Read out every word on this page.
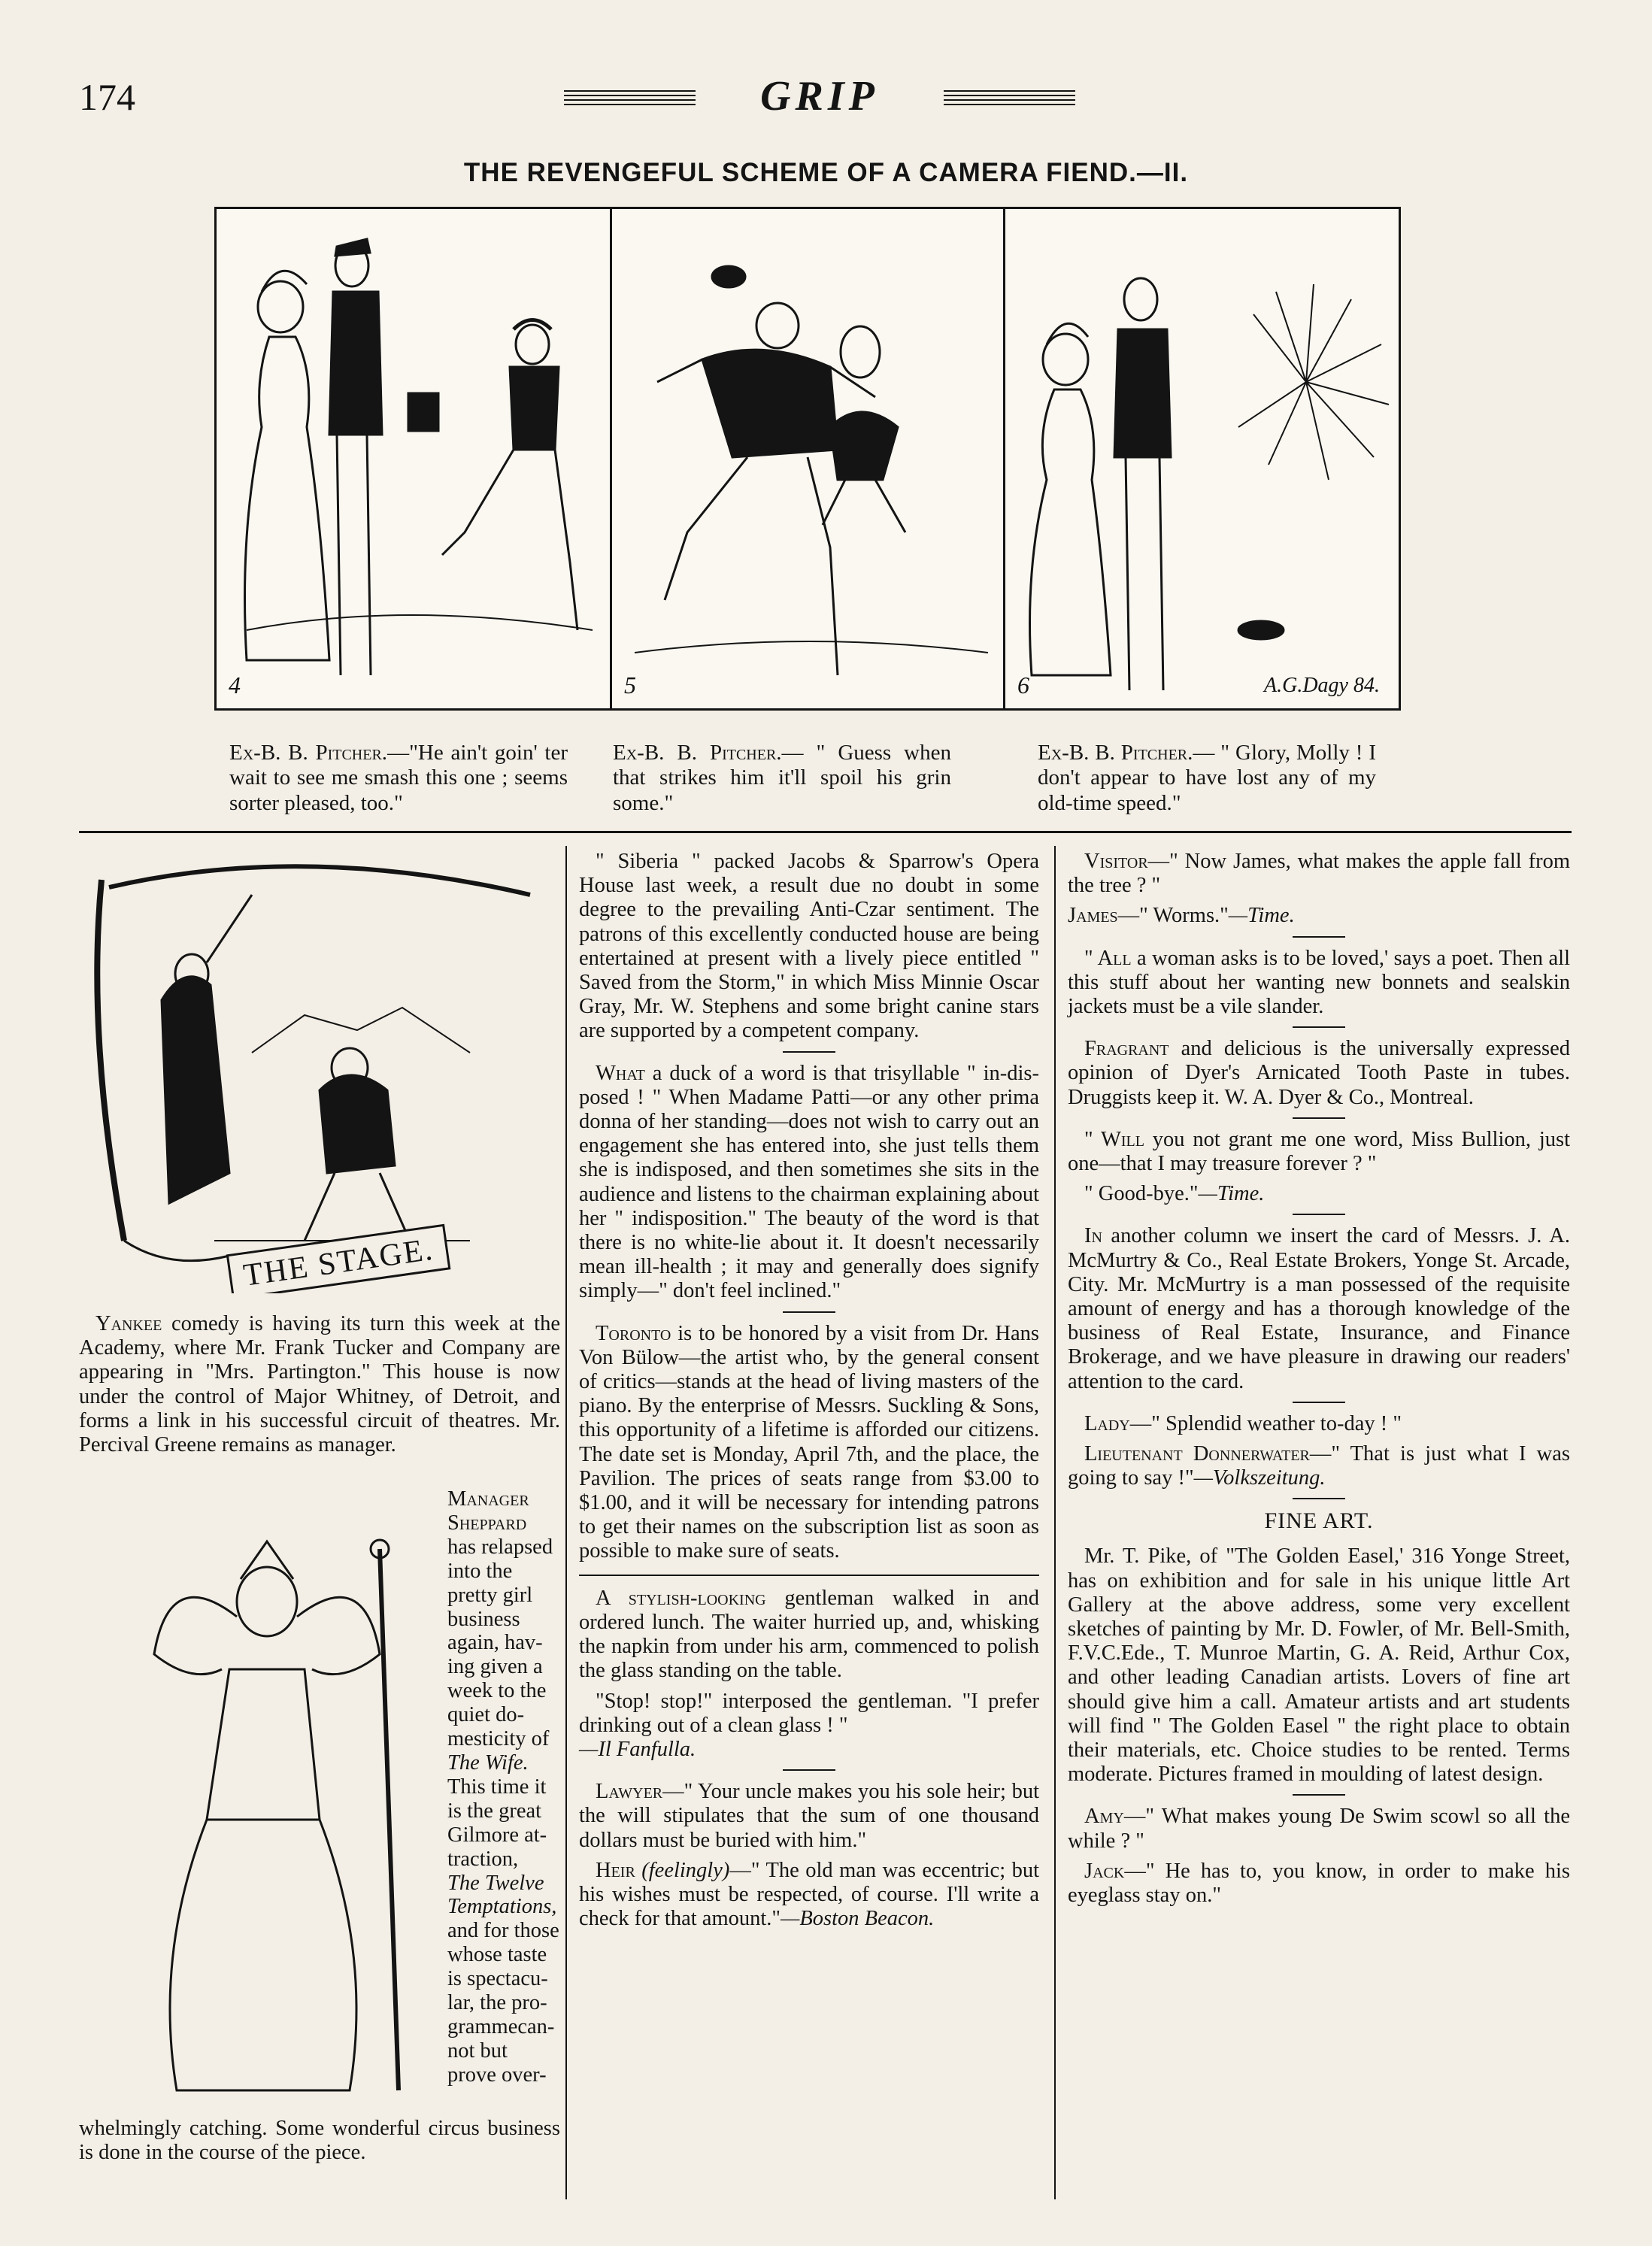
174	GRIP
THE REVENGEFUL SCHEME OF A CAMERA FIEND.—II.
4	5	6	A.G.Dagy 84.
Ex-B. B. Pitcher.—"He ain't goin' ter wait to see me smash this one ; seems sorter pleased, too."
Ex-B. B. Pitcher.— " Guess when that strikes him it'll spoil his grin some."
Ex-B. B. Pitcher.— " Glory, Molly ! I don't appear to have lost any of my old-time speed."
THE STAGE.

Yankee comedy is having its turn this week at the Academy, where Mr. Frank Tucker and Company are appearing in "Mrs. Partington." This house is now under the control of Major Whitney, of Detroit, and forms a link in his successful circuit of theatres. Mr. Percival Greene remains as manager.

Manager

Sheppard

has relapsed

into the

pretty girl

business

again, hav-

ing given a

week to the

quiet do-

mesticity of

The Wife.

This time it

is the great

Gilmore at-

traction,

The Twelve

Temptations,

and for those

whose taste

is spectacu-

lar, the pro-

grammecan-

not but

prove over-

whelmingly catching. Some wonderful circus business is done in the course of the piece.

" Siberia " packed Jacobs & Sparrow's Opera House last week, a result due no doubt in some degree to the prevailing Anti-Czar sentiment. The patrons of this excellently conducted house are being entertained at present with a lively piece entitled " Saved from the Storm," in which Miss Minnie Oscar Gray, Mr. W. Stephens and some bright canine stars are supported by a competent company.

What a duck of a word is that trisyllable " in-dis-posed ! " When Madame Patti—or any other prima donna of her standing—does not wish to carry out an engagement she has entered into, she just tells them she is indisposed, and then sometimes she sits in the audience and listens to the chairman explaining about her " indisposition." The beauty of the word is that there is no white-lie about it. It doesn't necessarily mean ill-health ; it may and generally does signify simply—" don't feel inclined."

Toronto is to be honored by a visit from Dr. Hans Von Bülow—the artist who, by the general consent of critics—stands at the head of living masters of the piano. By the enterprise of Messrs. Suckling & Sons, this opportunity of a lifetime is afforded our citizens. The date set is Monday, April 7th, and the place, the Pavilion. The prices of seats range from $3.00 to $1.00, and it will be necessary for intending patrons to get their names on the subscription list as soon as possible to make sure of seats.

A stylish-looking gentleman walked in and ordered lunch. The waiter hurried up, and, whisking the napkin from under his arm, commenced to polish the glass standing on the table.

"Stop! stop!" interposed the gentleman. "I prefer drinking out of a clean glass ! "
—Il Fanfulla.

Lawyer—" Your uncle makes you his sole heir; but the will stipulates that the sum of one thousand dollars must be buried with him."

Heir (feelingly)—" The old man was eccentric; but his wishes must be respected, of course. I'll write a check for that amount."—Boston Beacon.

Visitor—" Now James, what makes the apple fall from the tree ? "

James—" Worms."—Time.

" All a woman asks is to be loved,' says a poet. Then all this stuff about her wanting new bonnets and sealskin jackets must be a vile slander.

Fragrant and delicious is the universally expressed opinion of Dyer's Arnicated Tooth Paste in tubes. Druggists keep it. W. A. Dyer & Co., Montreal.

" Will you not grant me one word, Miss Bullion, just one—that I may treasure forever ? "

" Good-bye."—Time.

In another column we insert the card of Messrs. J. A. McMurtry & Co., Real Estate Brokers, Yonge St. Arcade, City. Mr. McMurtry is a man possessed of the requisite amount of energy and has a thorough knowledge of the business of Real Estate, Insurance, and Finance Brokerage, and we have pleasure in drawing our readers' attention to the card.

Lady—" Splendid weather to-day ! "

Lieutenant Donnerwater—" That is just what I was going to say !"—Volkszeitung.

FINE ART.

Mr. T. Pike, of "The Golden Easel,' 316 Yonge Street, has on exhibition and for sale in his unique little Art Gallery at the above address, some very excellent sketches of painting by Mr. D. Fowler, of Mr. Bell-Smith, F.V.C.Ede., T. Munroe Martin, G. A. Reid, Arthur Cox, and other leading Canadian artists. Lovers of fine art should give him a call. Amateur artists and art students will find " The Golden Easel " the right place to obtain their materials, etc. Choice studies to be rented. Terms moderate. Pictures framed in moulding of latest design.

Amy—" What makes young De Swim scowl so all the while ? "

Jack—" He has to, you know, in order to make his eyeglass stay on."
